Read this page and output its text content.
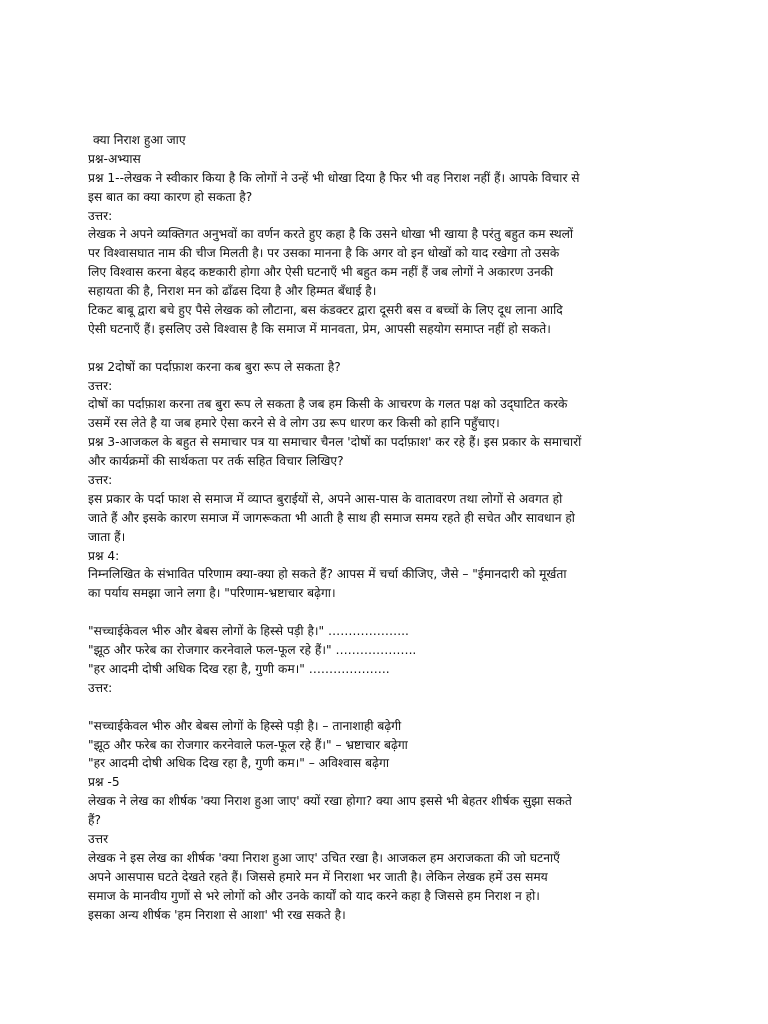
क्या निराश हुआ जाए
प्रश्न-अभ्यास
प्रश्न 1--लेखक ने स्वीकार किया है कि लोगों ने उन्हें भी धोखा दिया है फिर भी वह निराश नहीं हैं। आपके विचार से
इस बात का क्या कारण हो सकता है?
उत्तर:
लेखक ने अपने व्यक्तिगत अनुभवों का वर्णन करते हुए कहा है कि उसने धोखा भी खाया है परंतु बहुत कम स्थलों
पर विश्वासघात नाम की चीज मिलती है। पर उसका मानना है कि अगर वो इन धोखों को याद रखेगा तो उसके
लिए विश्वास करना बेहद कष्टकारी होगा और ऐसी घटनाएँ भी बहुत कम नहीं हैं जब लोगों ने अकारण उनकी
सहायता की है, निराश मन को ढाँढस दिया है और हिम्मत बँधाई है।
टिकट बाबू द्वारा बचे हुए पैसे लेखक को लौटाना, बस कंडक्टर द्वारा दूसरी बस व बच्चों के लिए दूध लाना आदि
ऐसी घटनाएँ हैं। इसलिए उसे विश्वास है कि समाज में मानवता, प्रेम, आपसी सहयोग समाप्त नहीं हो सकते।
प्रश्न 2दोषों का पर्दाफ़ाश करना कब बुरा रूप ले सकता है?
उत्तर:
दोषों का पर्दाफ़ाश करना तब बुरा रूप ले सकता है जब हम किसी के आचरण के गलत पक्ष को उद्‌घाटित करके
उसमें रस लेते है या जब हमारे ऐसा करने से वे लोग उग्र रूप धारण कर किसी को हानि पहुँचाए।
प्रश्न 3-आजकल के बहुत से समाचार पत्र या समाचार चैनल 'दोषों का पर्दाफ़ाश' कर रहे हैं। इस प्रकार के समाचारों
और कार्यक्रमों की सार्थकता पर तर्क सहित विचार लिखिए?
उत्तर:
इस प्रकार के पर्दा फाश से समाज में व्याप्त बुराईयों से, अपने आस-पास के वातावरण तथा लोगों से अवगत हो
जाते हैं और इसके कारण समाज में जागरूकता भी आती है साथ ही समाज समय रहते ही सचेत और सावधान हो
जाता हैं।
प्रश्न 4:
निम्नलिखित के संभावित परिणाम क्या-क्या हो सकते हैं? आपस में चर्चा कीजिए, जैसे – "ईमानदारी को मूर्खता
का पर्याय समझा जाने लगा है। "परिणाम-भ्रष्टाचार बढ़ेगा।
"सच्चाईकेवल भीरु और बेबस लोगों के हिस्से पड़ी है।" ………………..
"झूठ और फरेब का रोजगार करनेवाले फल-फूल रहे हैं।" ………………..
"हर आदमी दोषी अधिक दिख रहा है, गुणी कम।" ………………..
उत्तर:
"सच्चाईकेवल भीरु और बेबस लोगों के हिस्से पड़ी है। – तानाशाही बढ़ेगी
"झूठ और फरेब का रोजगार करनेवाले फल-फूल रहे हैं।" – भ्रष्टाचार बढ़ेगा
"हर आदमी दोषी अधिक दिख रहा है, गुणी कम।" – अविश्वास बढ़ेगा
प्रश्न -5
लेखक ने लेख का शीर्षक 'क्या निराश हुआ जाए' क्यों रखा होगा? क्या आप इससे भी बेहतर शीर्षक सुझा सकते
हैं?
उत्तर
लेखक ने इस लेख का शीर्षक 'क्या निराश हुआ जाए' उचित रखा है। आजकल हम अराजकता की जो घटनाएँ
अपने आसपास घटते देखते रहते हैं। जिससे हमारे मन में निराशा भर जाती है। लेकिन लेखक हमें उस समय
समाज के मानवीय गुणों से भरे लोगों को और उनके कार्यों को याद करने कहा है जिससे हम निराश न हो।
इसका अन्य शीर्षक 'हम निराशा से आशा' भी रख सकते है।
